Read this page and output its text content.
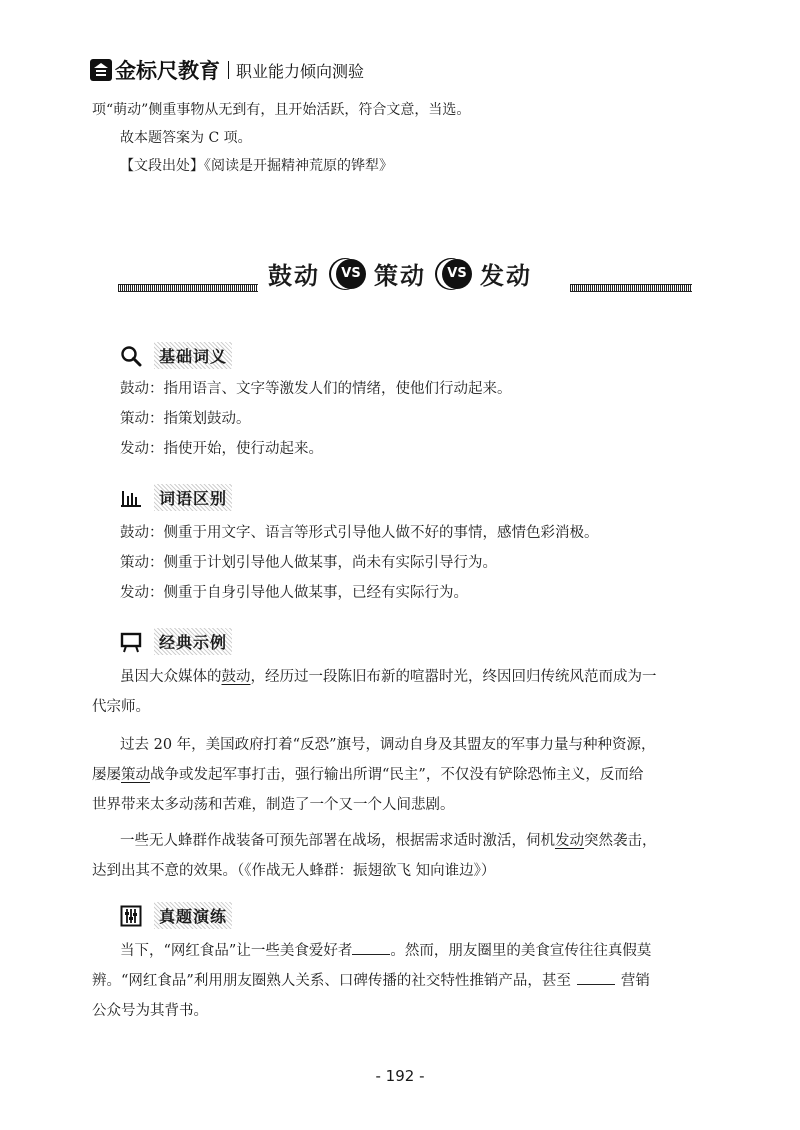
金标尺教育 职业能力倾向测验
项“萌动”侧重事物从无到有，且开始活跃，符合文意，当选。
故本题答案为 C 项。
【文段出处】《阅读是开掘精神荒原的铧犁》
鼓动	VS 策动	VS 发动
基础词义
鼓动：指用语言、文字等激发人们的情绪，使他们行动起来。
策动：指策划鼓动。
发动：指使开始，使行动起来。
词语区别
鼓动：侧重于用文字、语言等形式引导他人做不好的事情，感情色彩消极。
策动：侧重于计划引导他人做某事，尚未有实际引导行为。
发动：侧重于自身引导他人做某事，已经有实际行为。
经典示例
虽因大众媒体的鼓动，经历过一段陈旧布新的喧嚣时光，终因回归传统风范而成为一
代宗师。
过去 20 年，美国政府打着“反恐”旗号，调动自身及其盟友的军事力量与种种资源，
屡屡策动战争或发起军事打击，强行输出所谓“民主”，不仅没有铲除恐怖主义，反而给
世界带来太多动荡和苦难，制造了一个又一个人间悲剧。
一些无人蜂群作战装备可预先部署在战场，根据需求适时激活，伺机发动突然袭击，
达到出其不意的效果。（《作战无人蜂群：振翅欲飞 知向谁边》）
真题演练
当下，“网红食品”让一些美食爱好者	。然而，朋友圈里的美食宣传往往真假莫
辨。“网红食品”利用朋友圈熟人关系、口碑传播的社交特性推销产品，甚至	营销
公众号为其背书。
- 192 -
